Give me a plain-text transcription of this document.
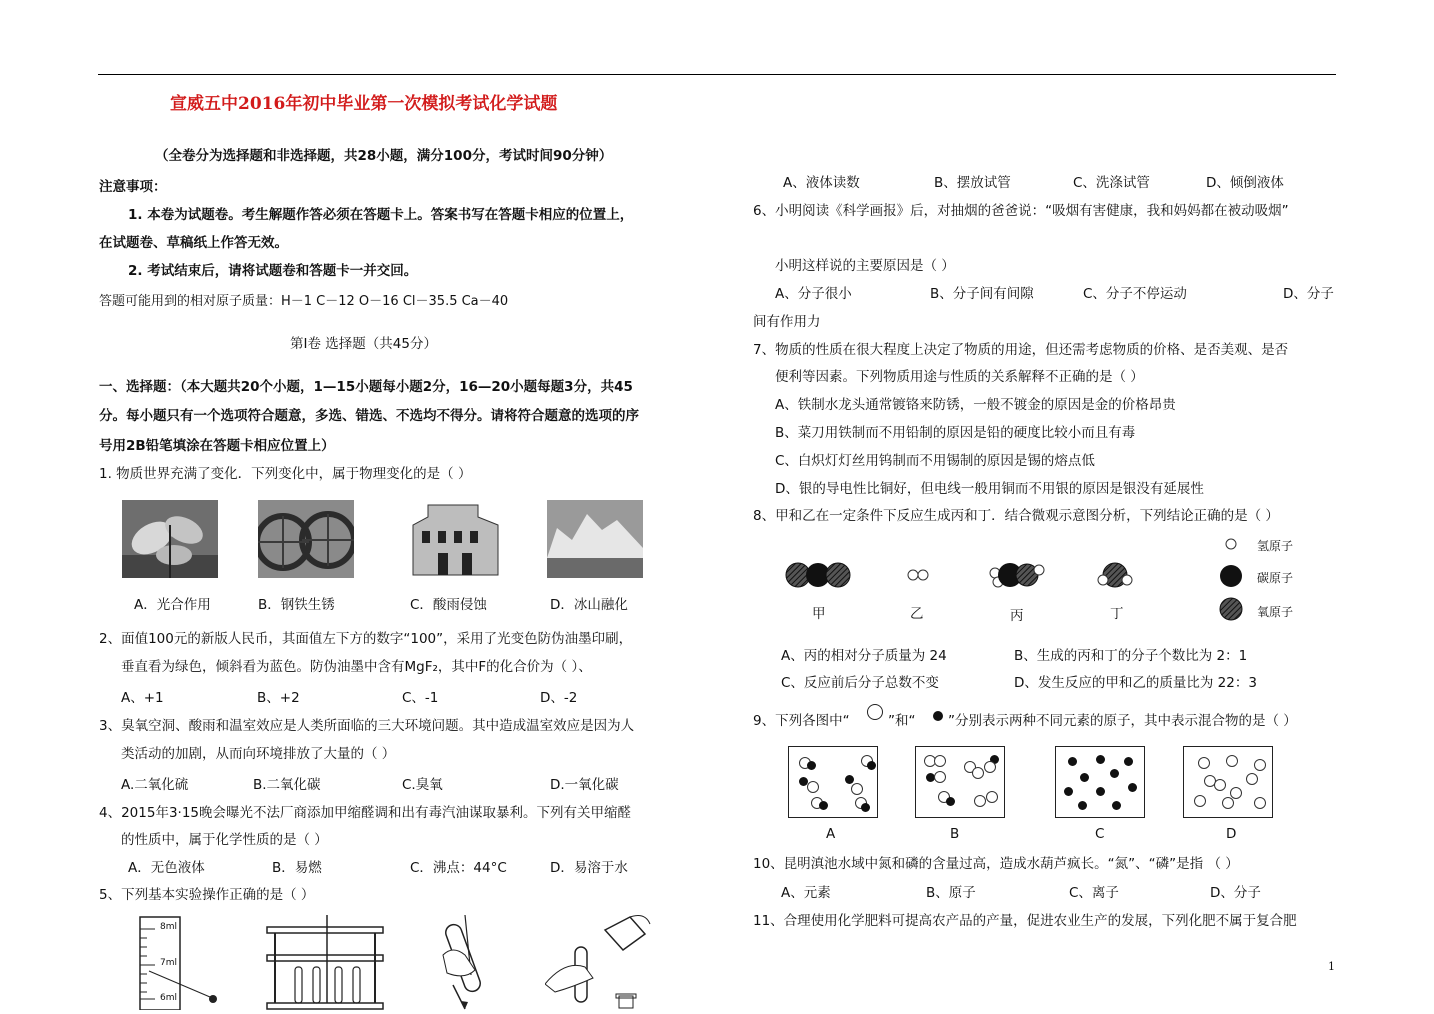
宣威五中2016年初中毕业第一次模拟考试化学试题
（全卷分为选择题和非选择题，共28小题，满分100分，考试时间90分钟）
注意事项：
1. 本卷为试题卷。考生解题作答必须在答题卡上。答案书写在答题卡相应的位置上，
在试题卷、草稿纸上作答无效。
2. 考试结束后，请将试题卷和答题卡一并交回。
答题可能用到的相对原子质量：H－1 C－12 O－16 Cl－35.5 Ca－40
第Ⅰ卷 选择题（共45分）
一、选择题：（本大题共20个小题，1—15小题每小题2分，16—20小题每题3分，共45
分。每小题只有一个选项符合题意，多选、错选、不选均不得分。请将符合题意的选项的序
号用2B铅笔填涂在答题卡相应位置上）
1. 物质世界充满了变化．下列变化中，属于物理变化的是（ ）
A．光合作用	B．钢铁生锈	C．酸雨侵蚀	D．冰山融化
2、面值100元的新版人民币，其面值左下方的数字“100”，采用了光变色防伪油墨印刷，
垂直看为绿色，倾斜看为蓝色。防伪油墨中含有MgF₂，其中F的化合价为（ ）、
A、+1	B、+2	C、-1	D、-2
3、臭氧空洞、酸雨和温室效应是人类所面临的三大环境问题。其中造成温室效应是因为人
类活动的加剧，从而向环境排放了大量的（ ）
A.二氧化硫	B.二氧化碳	C.臭氧	D.一氧化碳
4、2015年3·15晚会曝光不法厂商添加甲缩醛调和出有毒汽油谋取暴利。下列有关甲缩醛
的性质中，属于化学性质的是（ ）
A．无色液体	B．易燃	C．沸点：44°C	D．易溶于水
5、下列基本实验操作正确的是（ ）
8ml
7ml
6ml
A、液体读数	B、摆放试管	C、洗涤试管	D、倾倒液体
6、小明阅读《科学画报》后，对抽烟的爸爸说：“吸烟有害健康，我和妈妈都在被动吸烟”
小明这样说的主要原因是（ ）
A、分子很小	B、分子间有间隙	C、分子不停运动	D、分子
间有作用力
7、物质的性质在很大程度上决定了物质的用途，但还需考虑物质的价格、是否美观、是否
便利等因素。下列物质用途与性质的关系解释不正确的是（ ）
A、铁制水龙头通常镀铬来防锈，一般不镀金的原因是金的价格昂贵
B、菜刀用铁制而不用铅制的原因是铅的硬度比较小而且有毒
C、白炽灯灯丝用钨制而不用锡制的原因是锡的熔点低
D、银的导电性比铜好，但电线一般用铜而不用银的原因是银没有延展性
8、甲和乙在一定条件下反应生成丙和丁．结合微观示意图分析，下列结论正确的是（ ）
甲	乙	丙	丁
氢原子
碳原子
氧原子
A、丙的相对分子质量为 24	B、生成的丙和丁的分子个数比为 2：1
C、反应前后分子总数不变	D、发生反应的甲和乙的质量比为 22：3
9、下列各图中“	”和“ ”分别表示两种不同元素的原子，其中表示混合物的是（ ）
A	B	C	D
10、昆明滇池水域中氮和磷的含量过高，造成水葫芦疯长。“氮”、“磷”是指 （ ）
A、元素	B、原子	C、离子	D、分子
11、合理使用化学肥料可提高农产品的产量，促进农业生产的发展，下列化肥不属于复合肥
1
